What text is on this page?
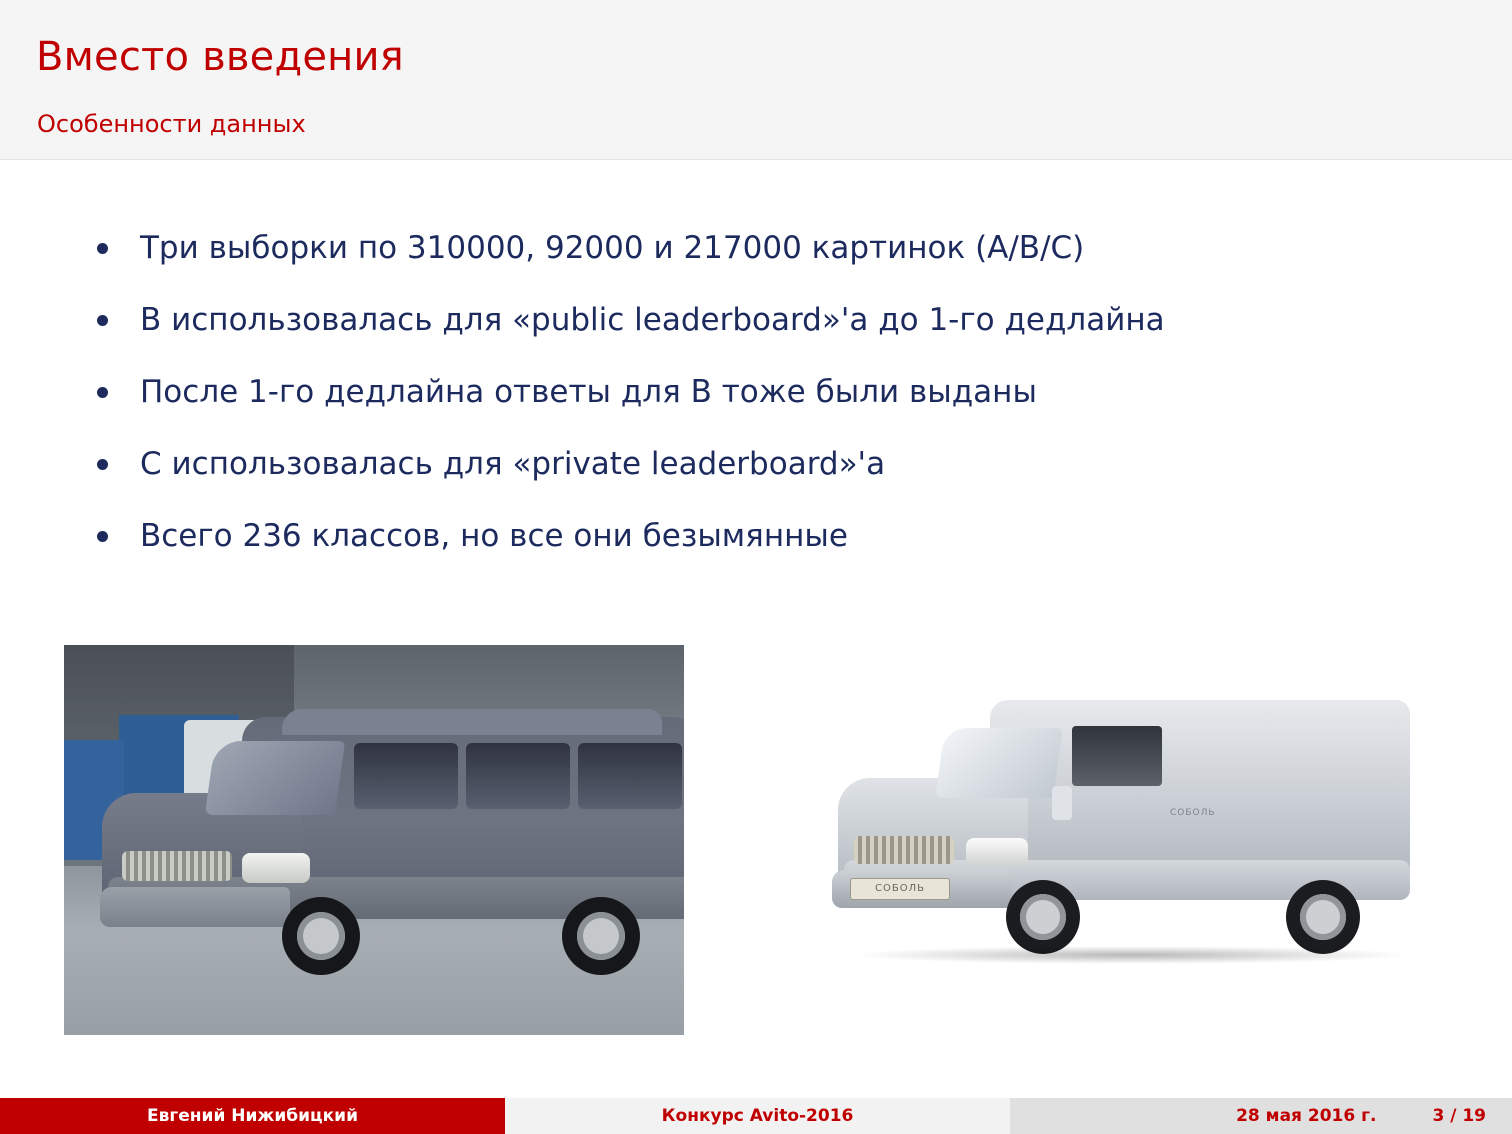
Вместо введения
Особенности данных
Три выборки по 310000, 92000 и 217000 картинок (A/B/C)
B использовалась для «public leaderboard»'а до 1-го дедлайна
После 1-го дедлайна ответы для B тоже были выданы
C использовалась для «private leaderboard»'а
Всего 236 классов, но все они безымянные
СОБОЛЬ
СОБОЛЬ
Евгений Нижибицкий	Конкурс Avito-2016	28 мая 2016 г.	3 / 19
